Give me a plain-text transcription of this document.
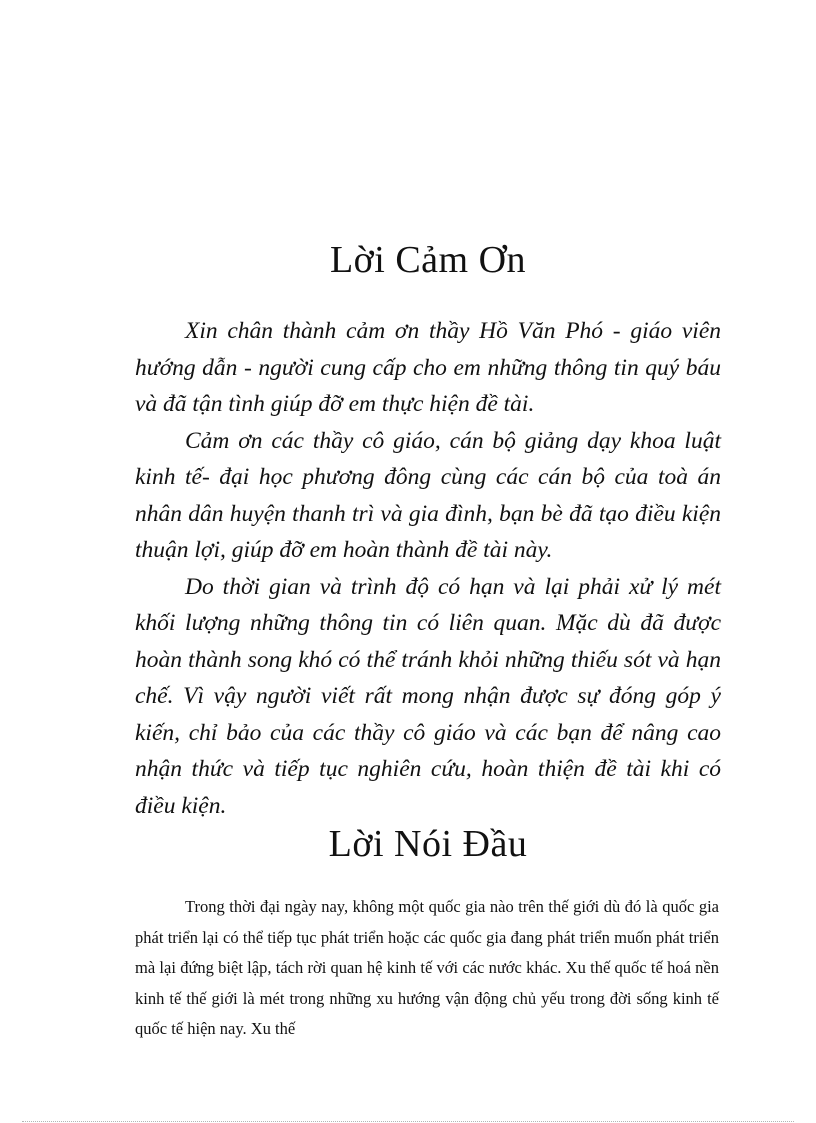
Lời Cảm Ơn

Xin chân thành cảm ơn thầy Hồ Văn Phó - giáo viên hướng dẫn - người cung cấp cho em những thông tin quý báu và đã tận tình giúp đỡ em thực hiện đề tài.

Cảm ơn các thầy cô giáo, cán bộ giảng dạy khoa luật kinh tế- đại học phương đông cùng các cán bộ của toà án nhân dân huyện thanh trì và gia đình, bạn bè đã tạo điều kiện thuận lợi, giúp đỡ em hoàn thành đề tài này.

Do thời gian và trình độ có hạn và lại phải xử lý mét khối lượng những thông tin có liên quan. Mặc dù đã được hoàn thành song khó có thể tránh khỏi những thiếu sót và hạn chế. Vì vậy người viết rất mong nhận được sự đóng góp ý kiến, chỉ bảo của các thầy cô giáo và các bạn để nâng cao nhận thức và tiếp tục nghiên cứu, hoàn thiện đề tài khi có điều kiện.

Lời Nói Đầu

Trong thời đại ngày nay, không một quốc gia nào trên thế giới dù đó là quốc gia phát triển lại có thể tiếp tục phát triển hoặc các quốc gia đang phát triển muốn phát triển mà lại đứng biệt lập, tách rời quan hệ kinh tế với các nước khác. Xu thế quốc tế hoá nền kinh tế thế giới là mét trong những xu hướng vận động chủ yếu trong đời sống kinh tế quốc tế hiện nay. Xu thế
